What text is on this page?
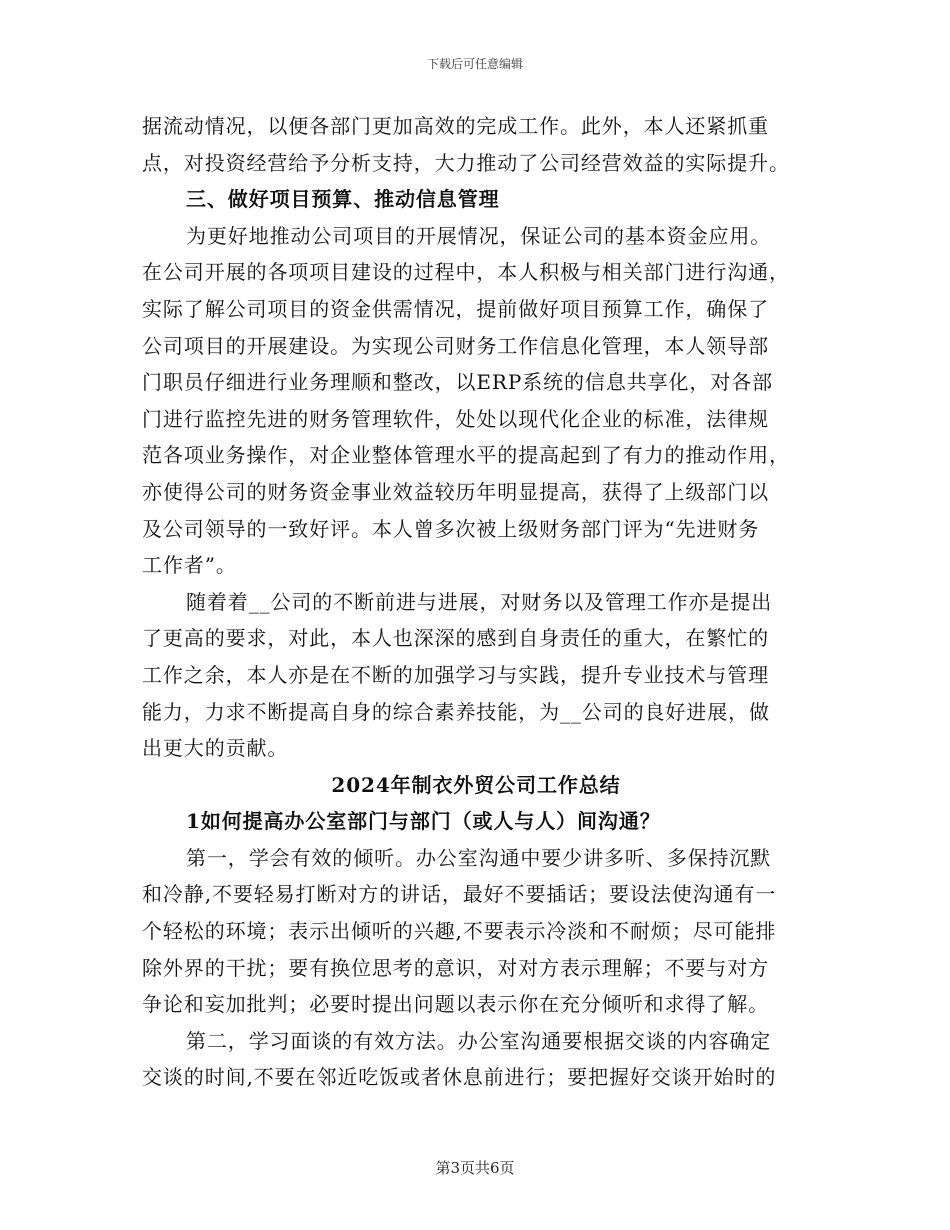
下载后可任意编辑
据流动情况，以便各部门更加高效的完成工作。此外，本人还紧抓重
点，对投资经营给予分析支持，大力推动了公司经营效益的实际提升。
三、做好项目预算、推动信息管理
为更好地推动公司项目的开展情况，保证公司的基本资金应用。
在公司开展的各项项目建设的过程中，本人积极与相关部门进行沟通，
实际了解公司项目的资金供需情况，提前做好项目预算工作，确保了
公司项目的开展建设。为实现公司财务工作信息化管理，本人领导部
门职员仔细进行业务理顺和整改，以ERP系统的信息共享化，对各部
门进行监控先进的财务管理软件，处处以现代化企业的标准，法律规
范各项业务操作，对企业整体管理水平的提高起到了有力的推动作用，
亦使得公司的财务资金事业效益较历年明显提高，获得了上级部门以
及公司领导的一致好评。本人曾多次被上级财务部门评为“先进财务
工作者”。
随着着__公司的不断前进与进展，对财务以及管理工作亦是提出
了更高的要求，对此，本人也深深的感到自身责任的重大，在繁忙的
工作之余，本人亦是在不断的加强学习与实践，提升专业技术与管理
能力，力求不断提高自身的综合素养技能，为__公司的良好进展，做
出更大的贡献。
2024年制衣外贸公司工作总结
1如何提高办公室部门与部门（或人与人）间沟通？
第一，学会有效的倾听。办公室沟通中要少讲多听、多保持沉默
和冷静,不要轻易打断对方的讲话，最好不要插话；要设法使沟通有一
个轻松的环境；表示出倾听的兴趣,不要表示冷淡和不耐烦；尽可能排
除外界的干扰；要有换位思考的意识，对对方表示理解；不要与对方
争论和妄加批判；必要时提出问题以表示你在充分倾听和求得了解。
第二，学习面谈的有效方法。办公室沟通要根据交谈的内容确定
交谈的时间,不要在邻近吃饭或者休息前进行；要把握好交谈开始时的
第3页共6页
